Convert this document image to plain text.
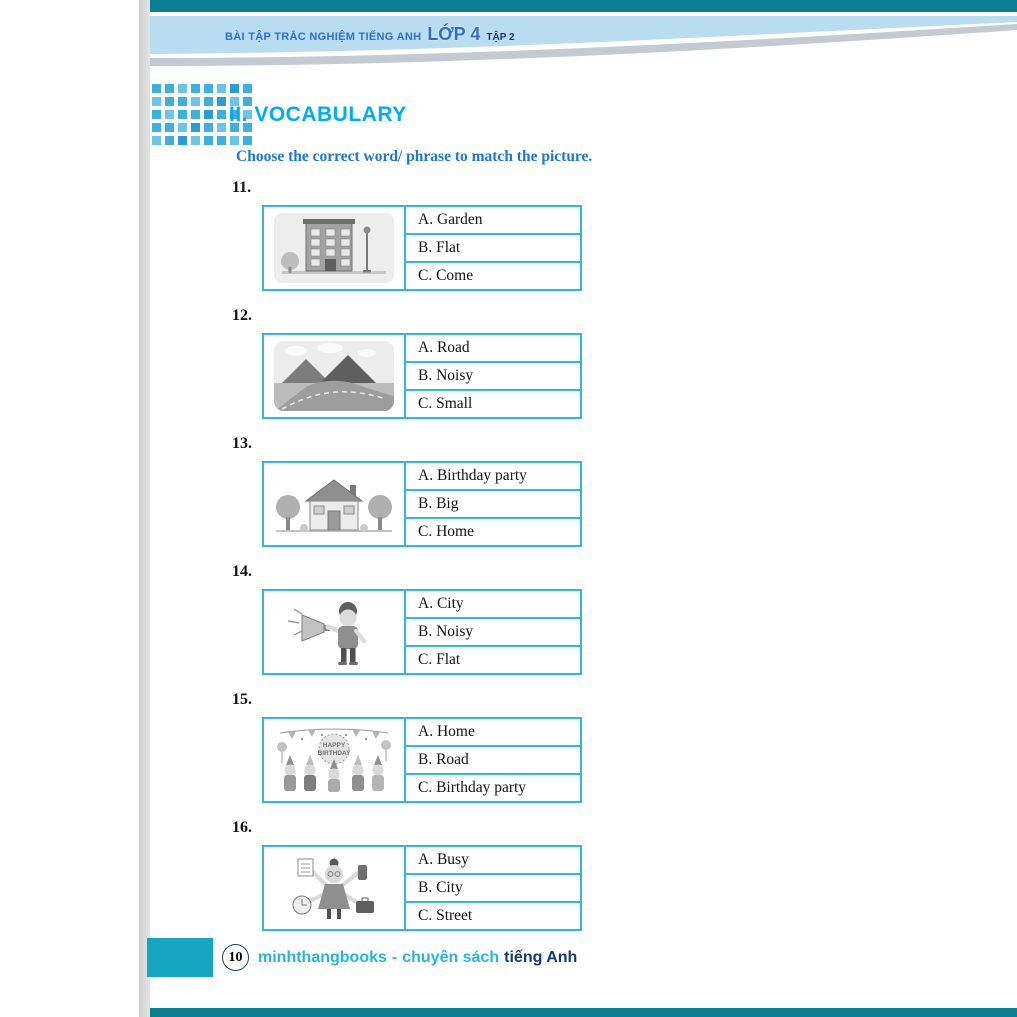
BÀI TẬP TRẮC NGHIỆM TIẾNG ANH LỚP 4 TẬP 2
II. VOCABULARY
Choose the correct word/ phrase to match the picture.
11.
A. Garden
B. Flat
C. Come
12.
A. Road
B. Noisy
C. Small
13.
A. Birthday party
B. Big
C. Home
14.
A. City
B. Noisy
C. Flat
15.
HAPPY
BIRTHDAY
A. Home
B. Road
C. Birthday party
16.
A. Busy
B. City
C. Street
10 minhthangbooks - chuyên sách tiếng Anh
